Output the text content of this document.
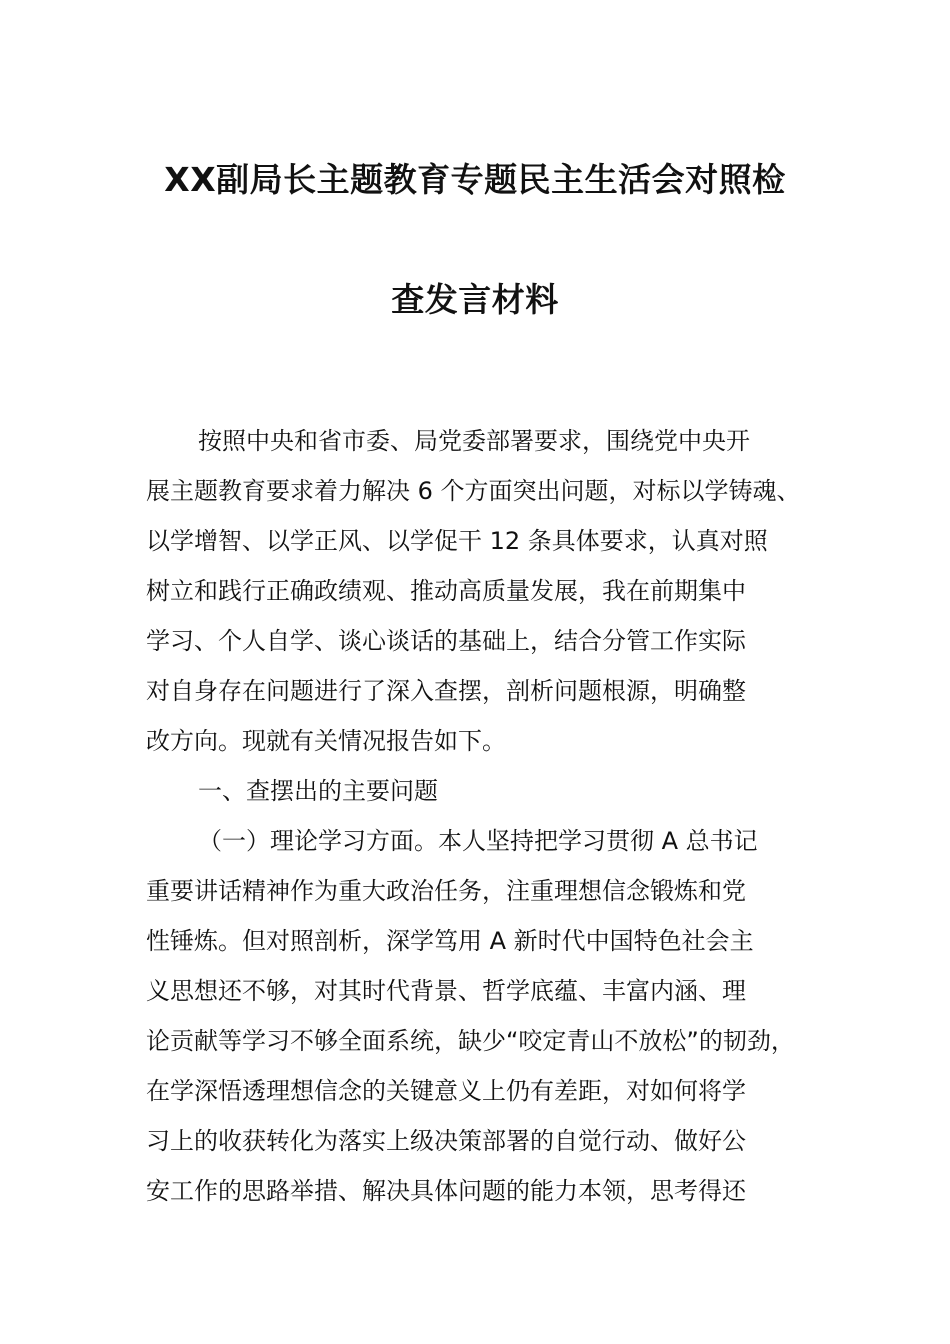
XX副局长主题教育专题民主生活会对照检
查发言材料
按照中央和省市委、局党委部署要求，围绕党中央开
展主题教育要求着力解决 6 个方面突出问题，对标以学铸魂、
以学增智、以学正风、以学促干 12 条具体要求，认真对照
树立和践行正确政绩观、推动高质量发展，我在前期集中
学习、个人自学、谈心谈话的基础上，结合分管工作实际
对自身存在问题进行了深入查摆，剖析问题根源，明确整
改方向。现就有关情况报告如下。
一、查摆出的主要问题
（一）理论学习方面。本人坚持把学习贯彻 A 总书记
重要讲话精神作为重大政治任务，注重理想信念锻炼和党
性锤炼。但对照剖析，深学笃用 A 新时代中国特色社会主
义思想还不够，对其时代背景、哲学底蕴、丰富内涵、理
论贡献等学习不够全面系统，缺少“咬定青山不放松”的韧劲，
在学深悟透理想信念的关键意义上仍有差距，对如何将学
习上的收获转化为落实上级决策部署的自觉行动、做好公
安工作的思路举措、解决具体问题的能力本领，思考得还
